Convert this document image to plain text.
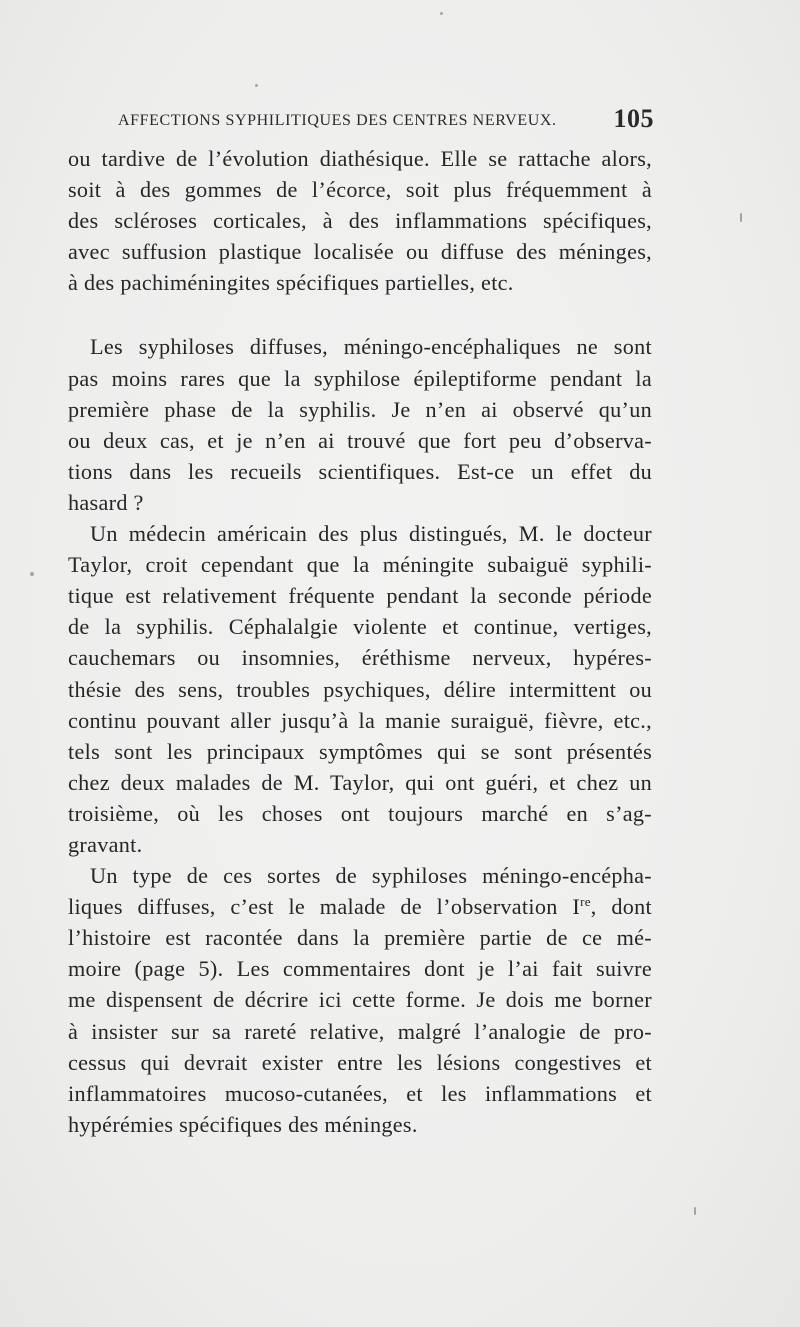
AFFECTIONS SYPHILITIQUES DES CENTRES NERVEUX. 105

ou tardive de l’évolution diathésique. Elle se rattache alors,
soit à des gommes de l’écorce, soit plus fréquemment à
des scléroses corticales, à des inflammations spécifiques,
avec suffusion plastique localisée ou diffuse des méninges,
à des pachiméningites spécifiques partielles, etc.

Les syphiloses diffuses, méningo-encéphaliques ne sont
pas moins rares que la syphilose épileptiforme pendant la
première phase de la syphilis. Je n’en ai observé qu’un
ou deux cas, et je n’en ai trouvé que fort peu d’observa-
tions dans les recueils scientifiques. Est-ce un effet du
hasard ?

Un médecin américain des plus distingués, M. le docteur
Taylor, croit cependant que la méningite subaiguë syphili-
tique est relativement fréquente pendant la seconde période
de la syphilis. Céphalalgie violente et continue, vertiges,
cauchemars ou insomnies, éréthisme nerveux, hypéres-
thésie des sens, troubles psychiques, délire intermittent ou
continu pouvant aller jusqu’à la manie suraiguë, fièvre, etc.,
tels sont les principaux symptômes qui se sont présentés
chez deux malades de M. Taylor, qui ont guéri, et chez un
troisième, où les choses ont toujours marché en s’ag-
gravant.

Un type de ces sortes de syphiloses méningo-encépha-
liques diffuses, c’est le malade de l’observation Ire, dont
l’histoire est racontée dans la première partie de ce mé-
moire (page 5). Les commentaires dont je l’ai fait suivre
me dispensent de décrire ici cette forme. Je dois me borner
à insister sur sa rareté relative, malgré l’analogie de pro-
cessus qui devrait exister entre les lésions congestives et
inflammatoires mucoso-cutanées, et les inflammations et
hypérémies spécifiques des méninges.
